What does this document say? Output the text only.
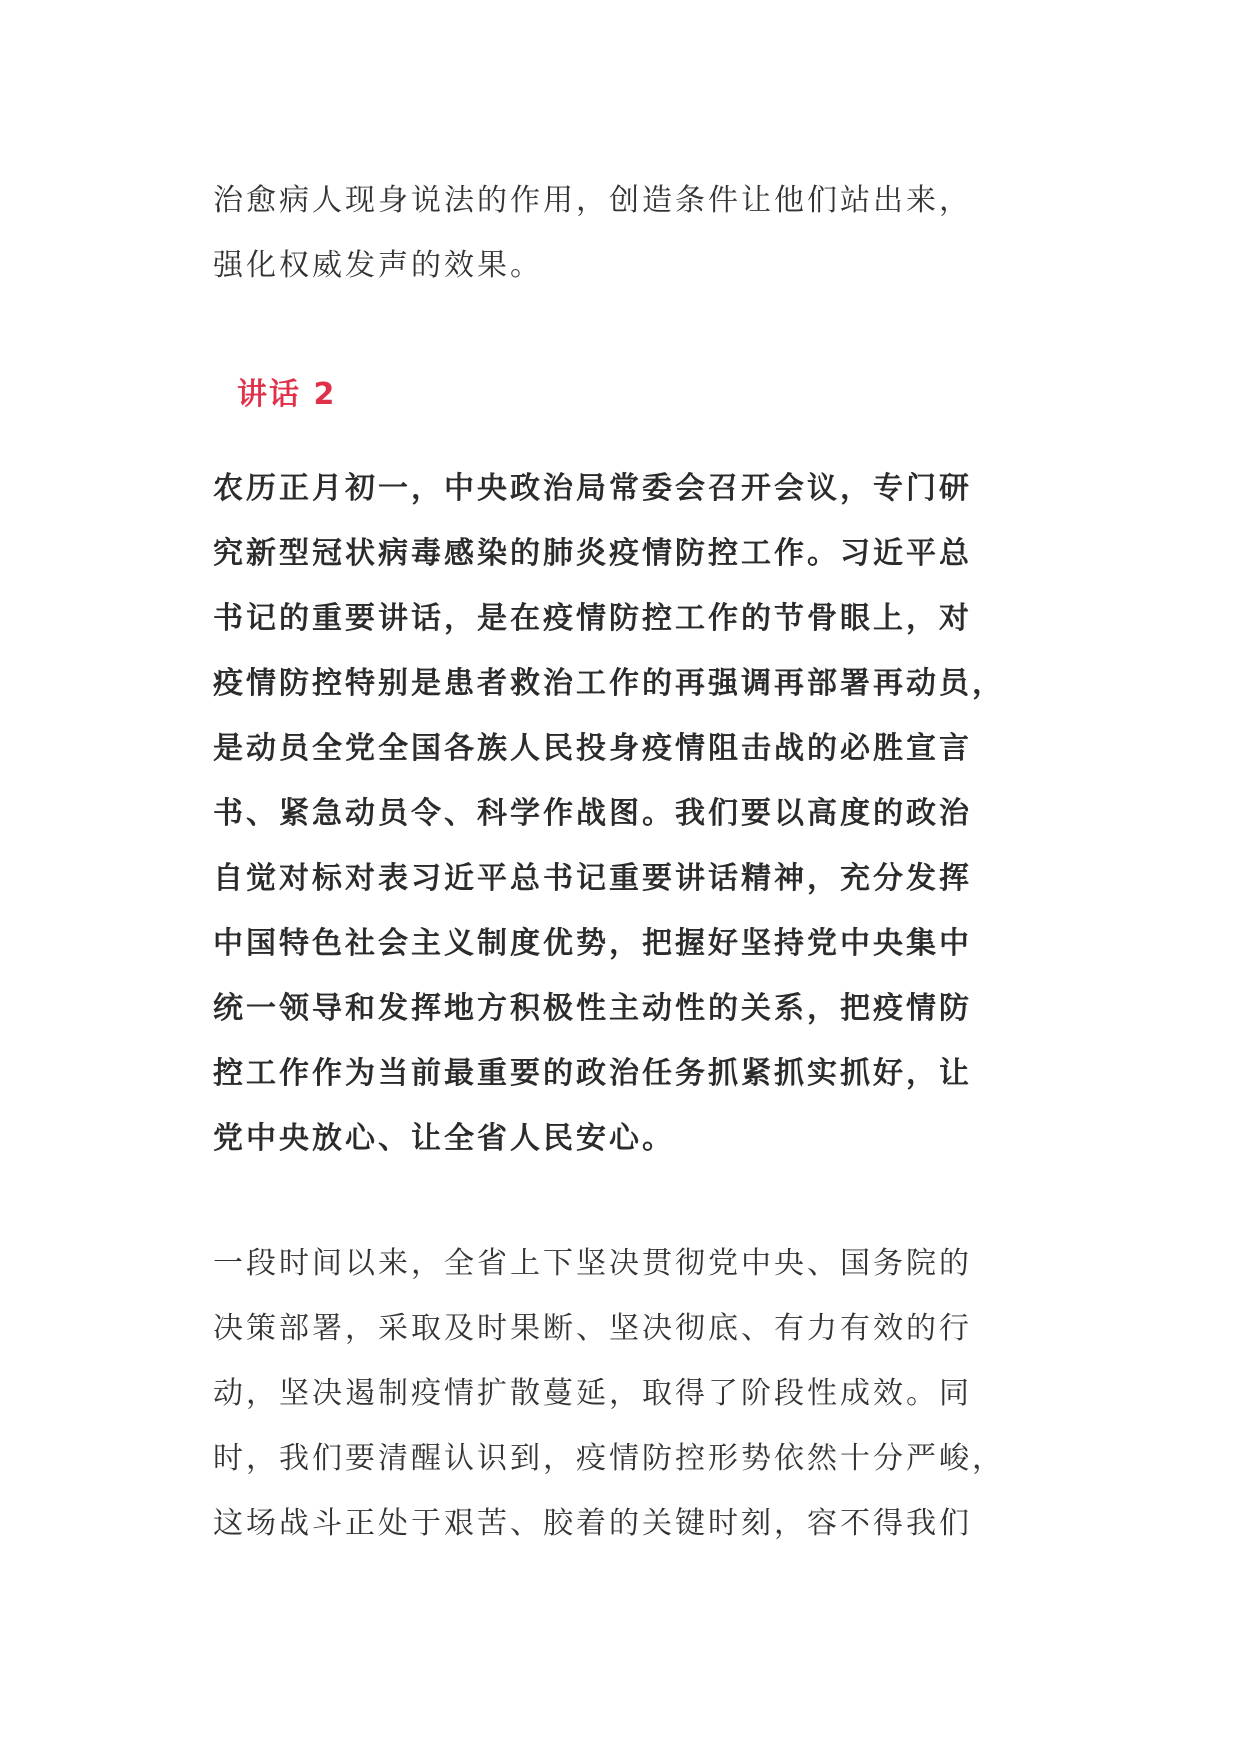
治愈病人现身说法的作用，创造条件让他们站出来，
强化权威发声的效果。

讲话 2

农历正月初一，中央政治局常委会召开会议，专门研
究新型冠状病毒感染的肺炎疫情防控工作。习近平总
书记的重要讲话，是在疫情防控工作的节骨眼上，对
疫情防控特别是患者救治工作的再强调再部署再动员，
是动员全党全国各族人民投身疫情阻击战的必胜宣言
书、紧急动员令、科学作战图。我们要以高度的政治
自觉对标对表习近平总书记重要讲话精神，充分发挥
中国特色社会主义制度优势，把握好坚持党中央集中
统一领导和发挥地方积极性主动性的关系，把疫情防
控工作作为当前最重要的政治任务抓紧抓实抓好，让
党中央放心、让全省人民安心。

一段时间以来，全省上下坚决贯彻党中央、国务院的
决策部署，采取及时果断、坚决彻底、有力有效的行
动，坚决遏制疫情扩散蔓延，取得了阶段性成效。同
时，我们要清醒认识到，疫情防控形势依然十分严峻，
这场战斗正处于艰苦、胶着的关键时刻，容不得我们
